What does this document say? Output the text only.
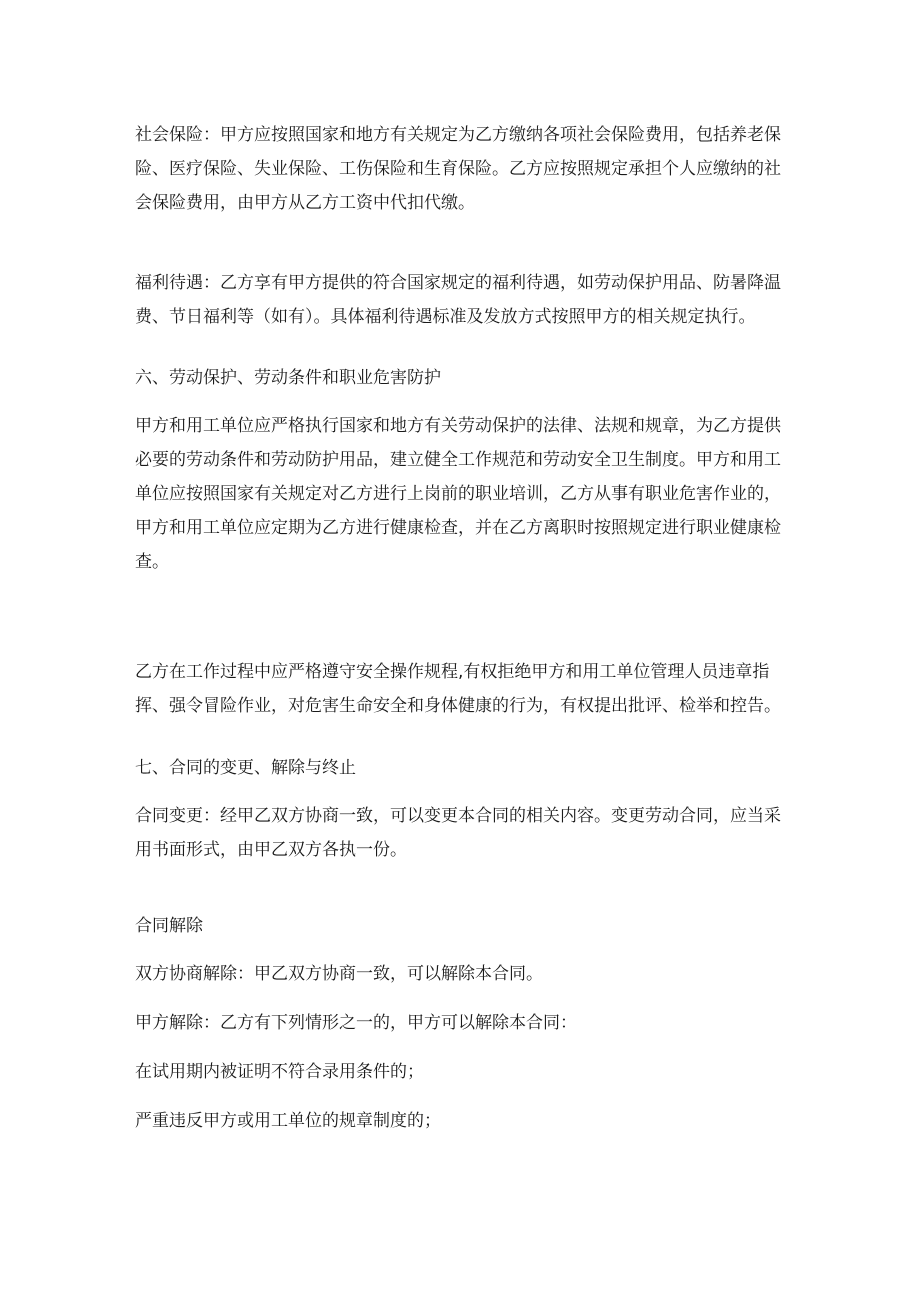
社会保险：甲方应按照国家和地方有关规定为乙方缴纳各项社会保险费用，包括养老保
险、医疗保险、失业保险、工伤保险和生育保险。乙方应按照规定承担个人应缴纳的社
会保险费用，由甲方从乙方工资中代扣代缴。

福利待遇：乙方享有甲方提供的符合国家规定的福利待遇，如劳动保护用品、防暑降温
费、节日福利等（如有）。具体福利待遇标准及发放方式按照甲方的相关规定执行。

六、劳动保护、劳动条件和职业危害防护

甲方和用工单位应严格执行国家和地方有关劳动保护的法律、法规和规章，为乙方提供
必要的劳动条件和劳动防护用品，建立健全工作规范和劳动安全卫生制度。甲方和用工
单位应按照国家有关规定对乙方进行上岗前的职业培训，乙方从事有职业危害作业的，
甲方和用工单位应定期为乙方进行健康检查，并在乙方离职时按照规定进行职业健康检
查。

乙方在工作过程中应严格遵守安全操作规程,有权拒绝甲方和用工单位管理人员违章指
挥、强令冒险作业，对危害生命安全和身体健康的行为，有权提出批评、检举和控告。

七、合同的变更、解除与终止

合同变更：经甲乙双方协商一致，可以变更本合同的相关内容。变更劳动合同，应当采
用书面形式，由甲乙双方各执一份。

合同解除

双方协商解除：甲乙双方协商一致，可以解除本合同。

甲方解除：乙方有下列情形之一的，甲方可以解除本合同：

在试用期内被证明不符合录用条件的；

严重违反甲方或用工单位的规章制度的；
